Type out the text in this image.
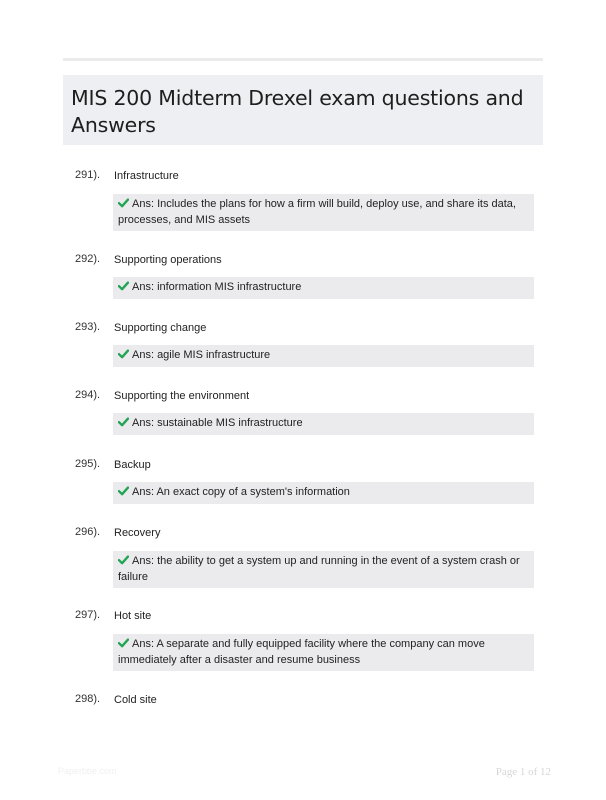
MIS 200 Midterm Drexel exam questions and Answers
291). Infrastructure
Ans: Includes the plans for how a firm will build, deploy use, and share its data, processes, and MIS assets
292). Supporting operations
Ans: information MIS infrastructure
293). Supporting change
Ans: agile MIS infrastructure
294). Supporting the environment
Ans: sustainable MIS infrastructure
295). Backup
Ans: An exact copy of a system's information
296). Recovery
Ans: the ability to get a system up and running in the event of a system crash or failure
297). Hot site
Ans: A separate and fully equipped facility where the company can move immediately after a disaster and resume business
298). Cold site
Paperbbe.com	Page 1 of 12
